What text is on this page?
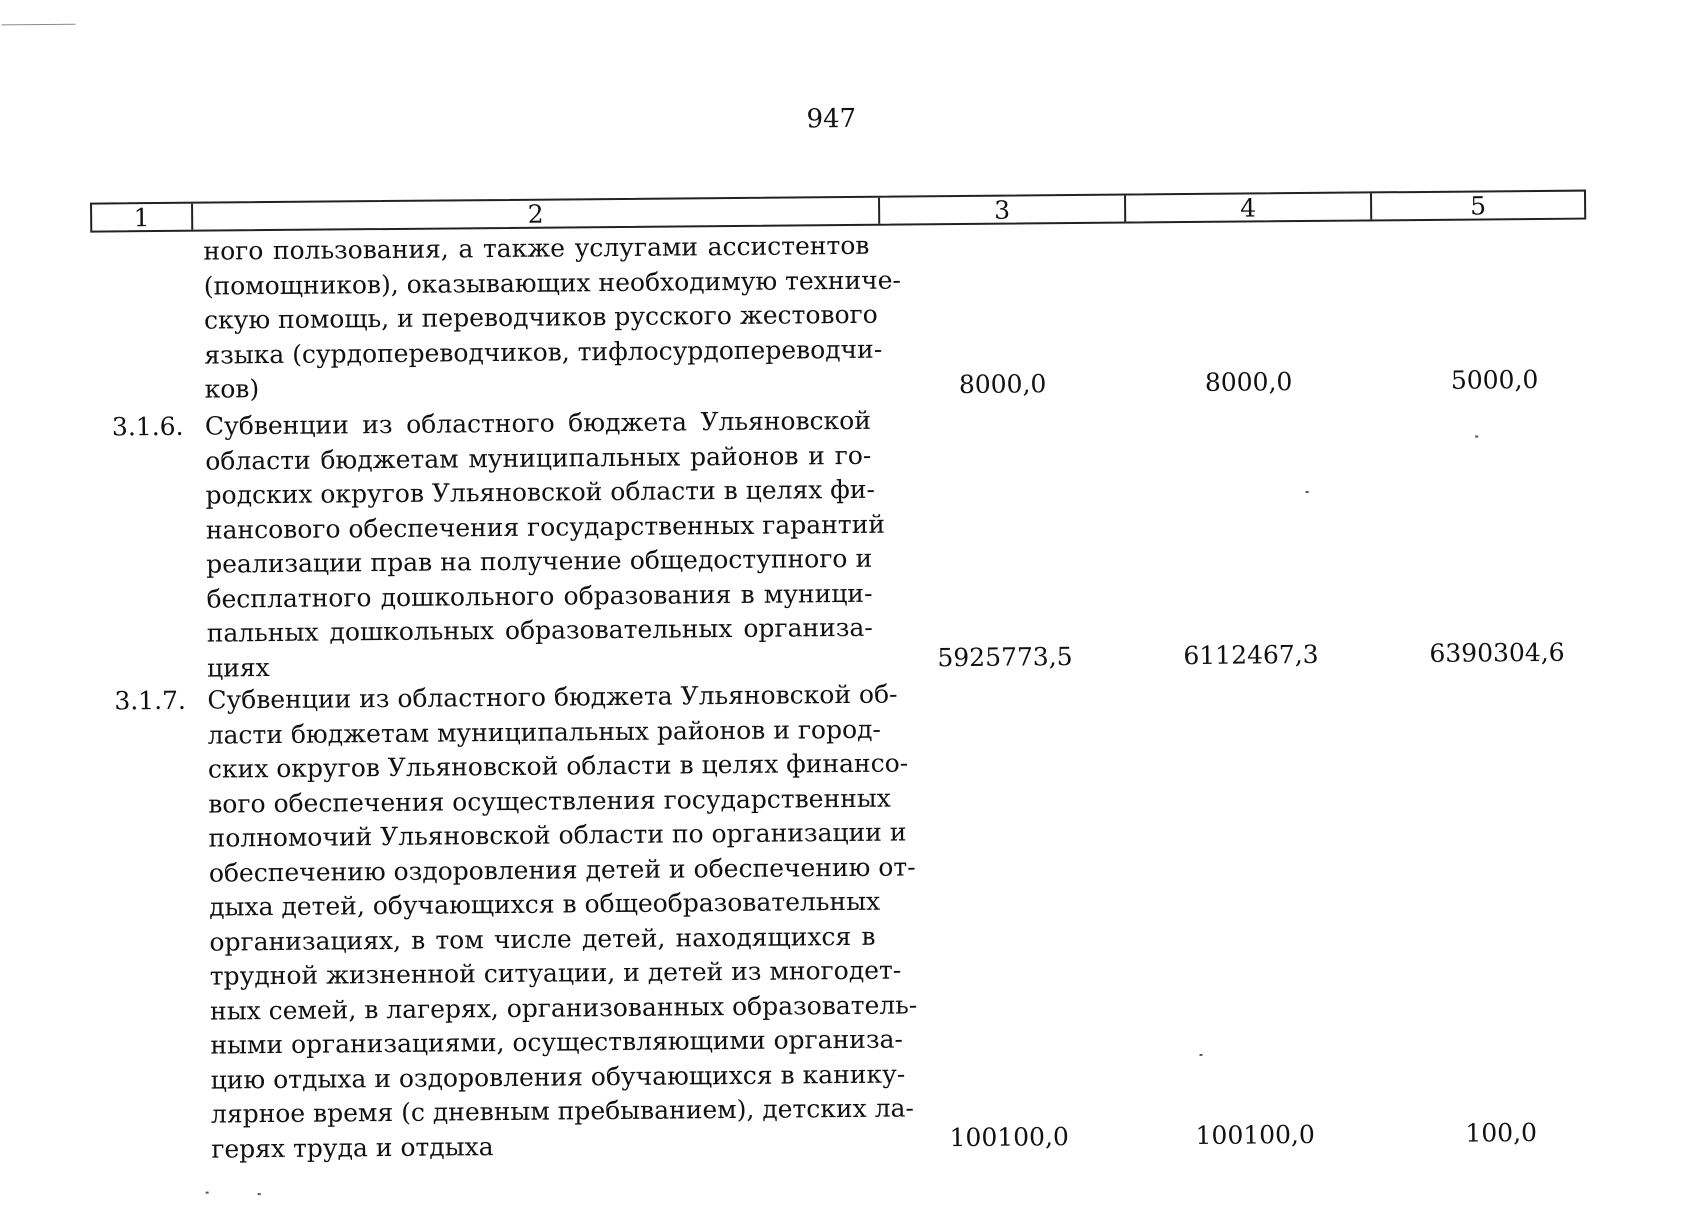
947
1	2	3	4	5
ного пользования, а также услугами ассистентов
(помощников), оказывающих необходимую техниче-
скую помощь, и переводчиков русского жестового
языка (сурдопереводчиков, тифлосурдопереводчи-
ков)	8000,0	8000,0	5000,0
3.1.6. Субвенции из областного бюджета Ульяновской
области бюджетам муниципальных районов и го-
родских округов Ульяновской области в целях фи-
нансового обеспечения государственных гарантий
реализации прав на получение общедоступного и
бесплатного дошкольного образования в муници-
пальных дошкольных образовательных организа-
циях	5925773,5	6112467,3	6390304,6
3.1.7. Субвенции из областного бюджета Ульяновской об-
ласти бюджетам муниципальных районов и город-
ских округов Ульяновской области в целях финансо-
вого обеспечения осуществления государственных
полномочий Ульяновской области по организации и
обеспечению оздоровления детей и обеспечению от-
дыха детей, обучающихся в общеобразовательных
организациях, в том числе детей, находящихся в
трудной жизненной ситуации, и детей из многодет-
ных семей, в лагерях, организованных образователь-
ными организациями, осуществляющими организа-
цию отдыха и оздоровления обучающихся в канику-
лярное время (с дневным пребыванием), детских ла-
герях труда и отдыха	100100,0	100100,0	100,0
